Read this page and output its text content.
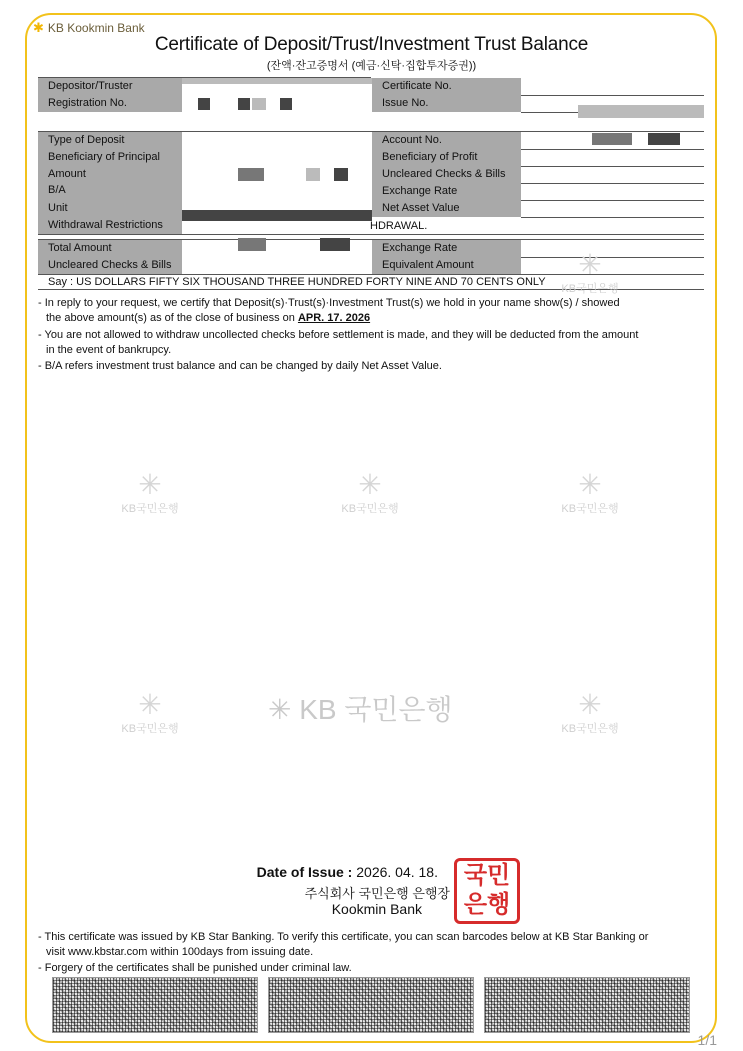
✱ KB Kookmin Bank
Certificate of Deposit/Trust/Investment Trust Balance
(잔액·잔고증명서 (예금·신탁·집합투자증권))
Depositor/Truster
Registration No.
Type of Deposit
Beneficiary of Principal
Amount
B/A
Unit
Withdrawal Restrictions
Total Amount
Uncleared Checks & Bills
Certificate No.
Issue No.
Account No.
Beneficiary of Profit
Uncleared Checks & Bills
Exchange Rate
Net Asset Value
Exchange Rate
Equivalent Amount
HDRAWAL.
Say : US DOLLARS FIFTY SIX THOUSAND THREE HUNDRED FORTY NINE AND 70 CENTS ONLY
- In reply to your request, we certify that Deposit(s)·Trust(s)·Investment Trust(s) we hold in your name show(s) / showed
the above amount(s) as of the close of business on APR. 17. 2026
- You are not allowed to withdraw uncollected checks before settlement is made, and they will be deducted from the amount
in the event of bankrupcy.
- B/A refers investment trust balance and can be changed by daily Net Asset Value.
✳
KB국민은행
✳
KB국민은행
✳
KB국민은행
✳
KB국민은행
✳
KB국민은행
✳
KB국민은행
✳ KB 국민은행
Date of Issue : 2026. 04. 18.
주식회사 국민은행 은행장
Kookmin Bank
국민
은행
- This certificate was issued by KB Star Banking. To verify this certificate, you can scan barcodes below at KB Star Banking or
visit www.kbstar.com within 100days from issuing date.
- Forgery of the certificates shall be punished under criminal law.
1/1
